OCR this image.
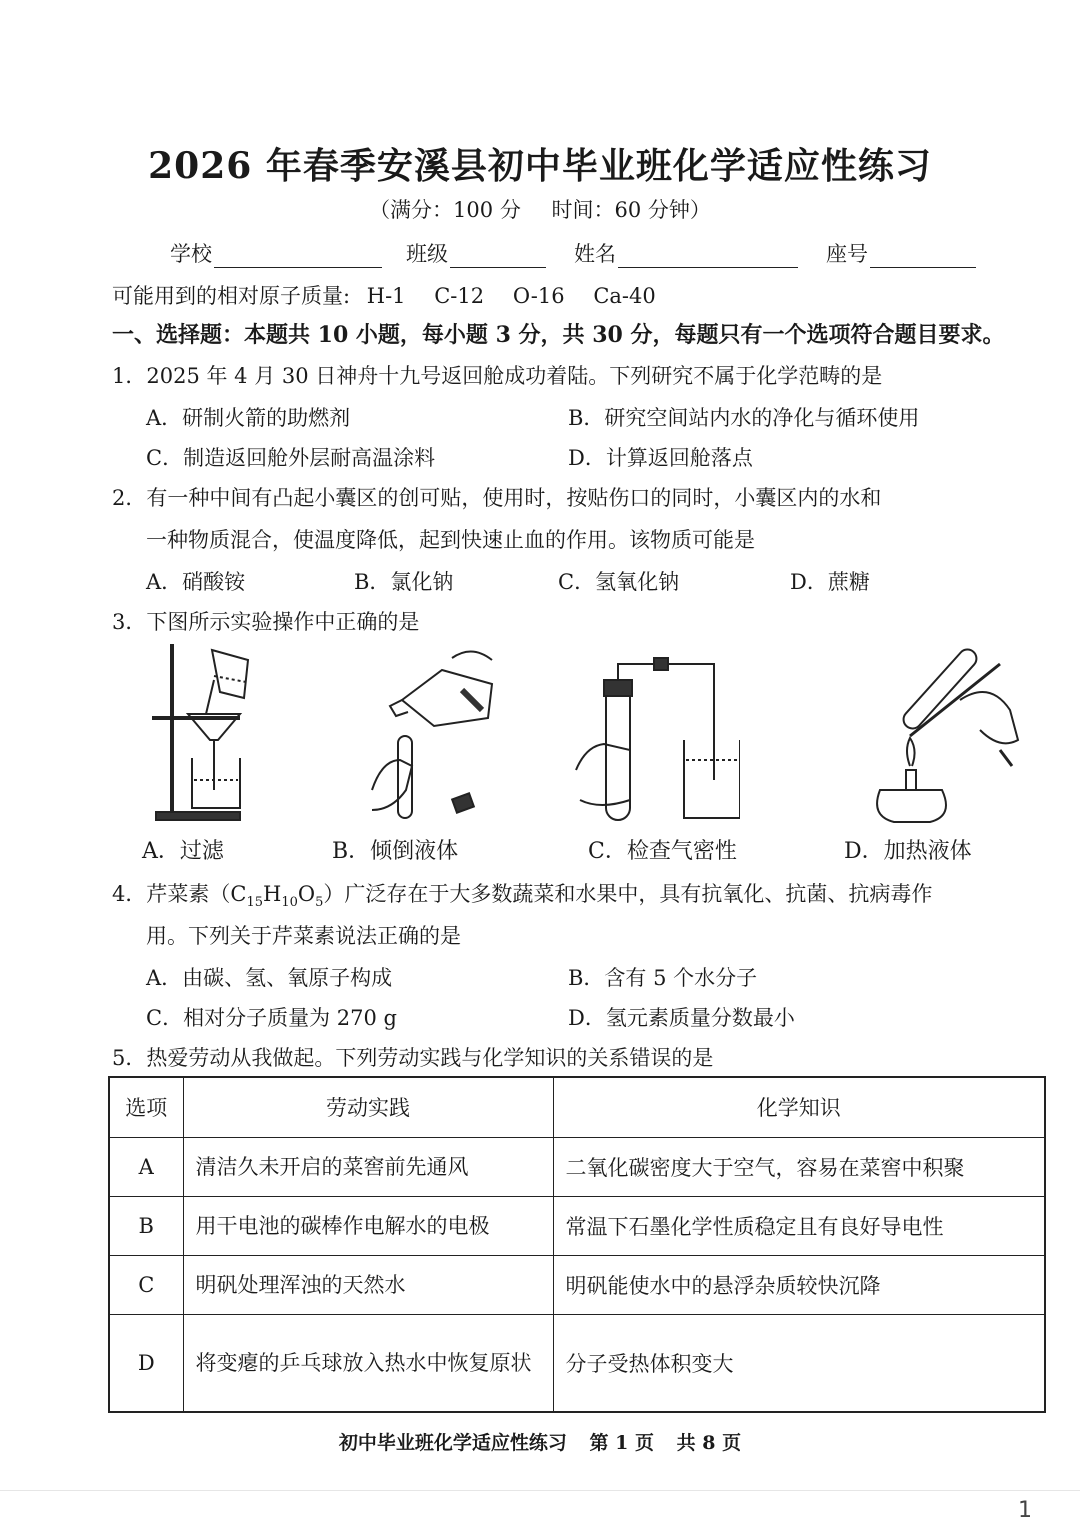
2026 年春季安溪县初中毕业班化学适应性练习
（满分：100 分 时间：60 分钟）
学校	班级	姓名	座号
可能用到的相对原子质量: H-1 C-12 O-16 Ca-40
一、选择题：本题共 10 小题，每小题 3 分，共 30 分，每题只有一个选项符合题目要求。
1．2025 年 4 月 30 日神舟十九号返回舱成功着陆。下列研究不属于化学范畴的是
A．研制火箭的助燃剂	B．研究空间站内水的净化与循环使用
C．制造返回舱外层耐高温涂料	D．计算返回舱落点
2．有一种中间有凸起小囊区的创可贴，使用时，按贴伤口的同时，小囊区内的水和
一种物质混合，使温度降低，起到快速止血的作用。该物质可能是
A．硝酸铵	B．氯化钠	C．氢氧化钠	D．蔗糖
3．下图所示实验操作中正确的是
A．过滤	B．倾倒液体	C．检查气密性	D．加热液体
4．芹菜素$(C_{15}H_{10}O_5)$广泛存在于大多数蔬菜和水果中，具有抗氧化、抗菌、抗病毒作
用。下列关于芹菜素说法正确的是
A．由碳、氢、氧原子构成	B．含有 5 个水分子
C．相对分子质量为 270 g	D．氢元素质量分数最小
5．热爱劳动从我做起。下列劳动实践与化学知识的关系错误的是
选项	劳动实践	化学知识
A	清洁久未开启的菜窖前先通风	二氧化碳密度大于空气，容易在菜窖中积聚
B	用干电池的碳棒作电解水的电极	常温下石墨化学性质稳定且有良好导电性
C	明矾处理浑浊的天然水	明矾能使水中的悬浮杂质较快沉降
D	将变瘪的乒乓球放入热水中恢复原状	分子受热体积变大
初中毕业班化学适应性练习 第 1 页 共 8 页
1
